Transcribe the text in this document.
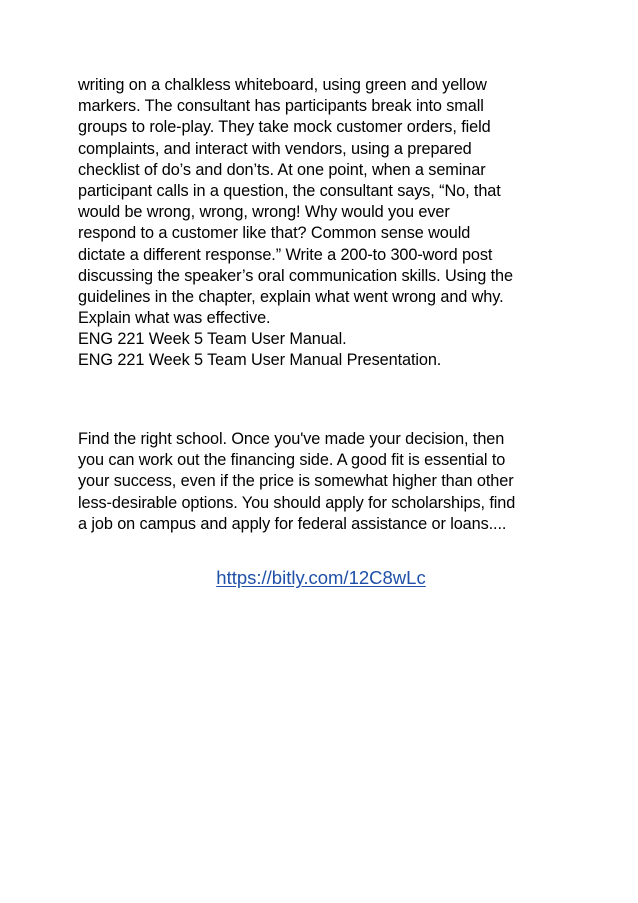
writing on a chalkless whiteboard, using green and yellow
markers. The consultant has participants break into small
groups to role-play. They take mock customer orders, field
complaints, and interact with vendors, using a prepared
checklist of do’s and don’ts. At one point, when a seminar
participant calls in a question, the consultant says, “No, that
would be wrong, wrong, wrong! Why would you ever
respond to a customer like that? Common sense would
dictate a different response.” Write a 200-to 300-word post
discussing the speaker’s oral communication skills. Using the
guidelines in the chapter, explain what went wrong and why.
Explain what was effective.
ENG 221 Week 5 Team User Manual.
ENG 221 Week 5 Team User Manual Presentation.
Find the right school. Once you've made your decision, then
you can work out the financing side. A good fit is essential to
your success, even if the price is somewhat higher than other
less-desirable options. You should apply for scholarships, find
a job on campus and apply for federal assistance or loans....
https://bitly.com/12C8wLc
